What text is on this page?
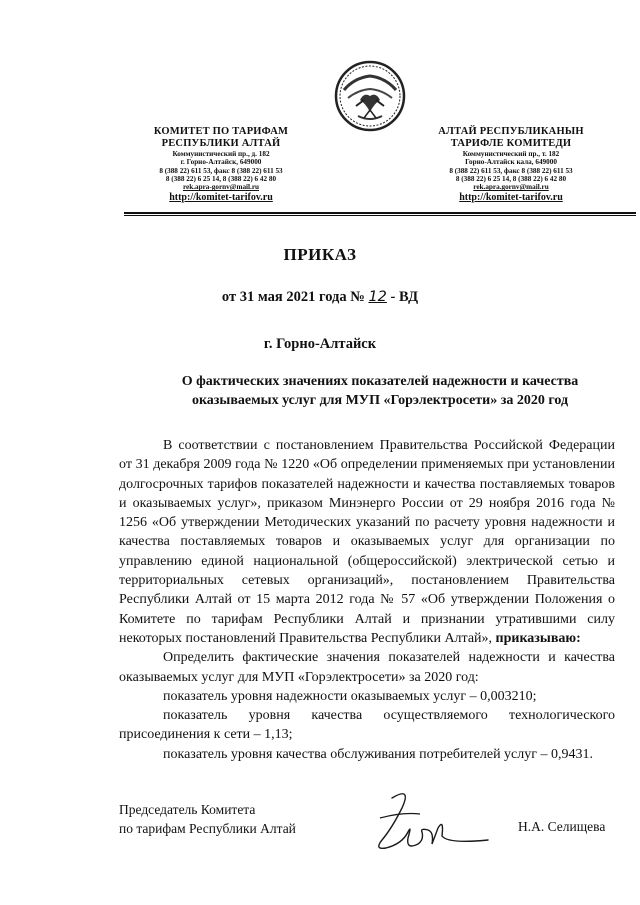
КОМИТЕТ ПО ТАРИФАМ
РЕСПУБЛИКИ АЛТАЙ
Коммунистический пр., д. 182
г. Горно-Алтайск, 649000
8 (388 22) 611 53, факс 8 (388 22) 611 53
8 (388 22) 6 25 14, 8 (388 22) 6 42 80
rek.apra-gornv@mail.ru
http://komitet-tarifov.ru
АЛТАЙ РЕСПУБЛИКАНЫН
ТАРИФЛЕ КОМИТЕДИ
Коммунистический пр., т. 182
Горно-Алтайск кала, 649000
8 (388 22) 611 53, факс 8 (388 22) 611 53
8 (388 22) 6 25 14, 8 (388 22) 6 42 80
rek.apra.gornv@mail.ru
http://komitet-tarifov.ru
ПРИКАЗ
от 31 мая 2021 года № 12 - ВД
г. Горно-Алтайск
О фактических значениях показателей надежности и качества
оказываемых услуг для МУП «Горэлектросети» за 2020 год

В соответствии с постановлением Правительства Российской Федерации от 31 декабря 2009 года № 1220 «Об определении применяемых при установлении долгосрочных тарифов показателей надежности и качества поставляемых товаров и оказываемых услуг», приказом Минэнерго России от 29 ноября 2016 года № 1256 «Об утверждении Методических указаний по расчету уровня надежности и качества поставляемых товаров и оказываемых услуг для организации по управлению единой национальной (общероссийской) электрической сетью и территориальных сетевых организаций», постановлением Правительства Республики Алтай от 15 марта 2012 года № 57 «Об утверждении Положения о Комитете по тарифам Республики Алтай и признании утратившими силу некоторых постановлений Правительства Республики Алтай», приказываю:

Определить фактические значения показателей надежности и качества оказываемых услуг для МУП «Горэлектросети» за 2020 год:

показатель уровня надежности оказываемых услуг – 0,003210;

показатель уровня качества осуществляемого технологического присоединения к сети – 1,13;

показатель уровня качества обслуживания потребителей услуг – 0,9431.

Председатель Комитета
по тарифам Республики Алтай	Н.А. Селищева
